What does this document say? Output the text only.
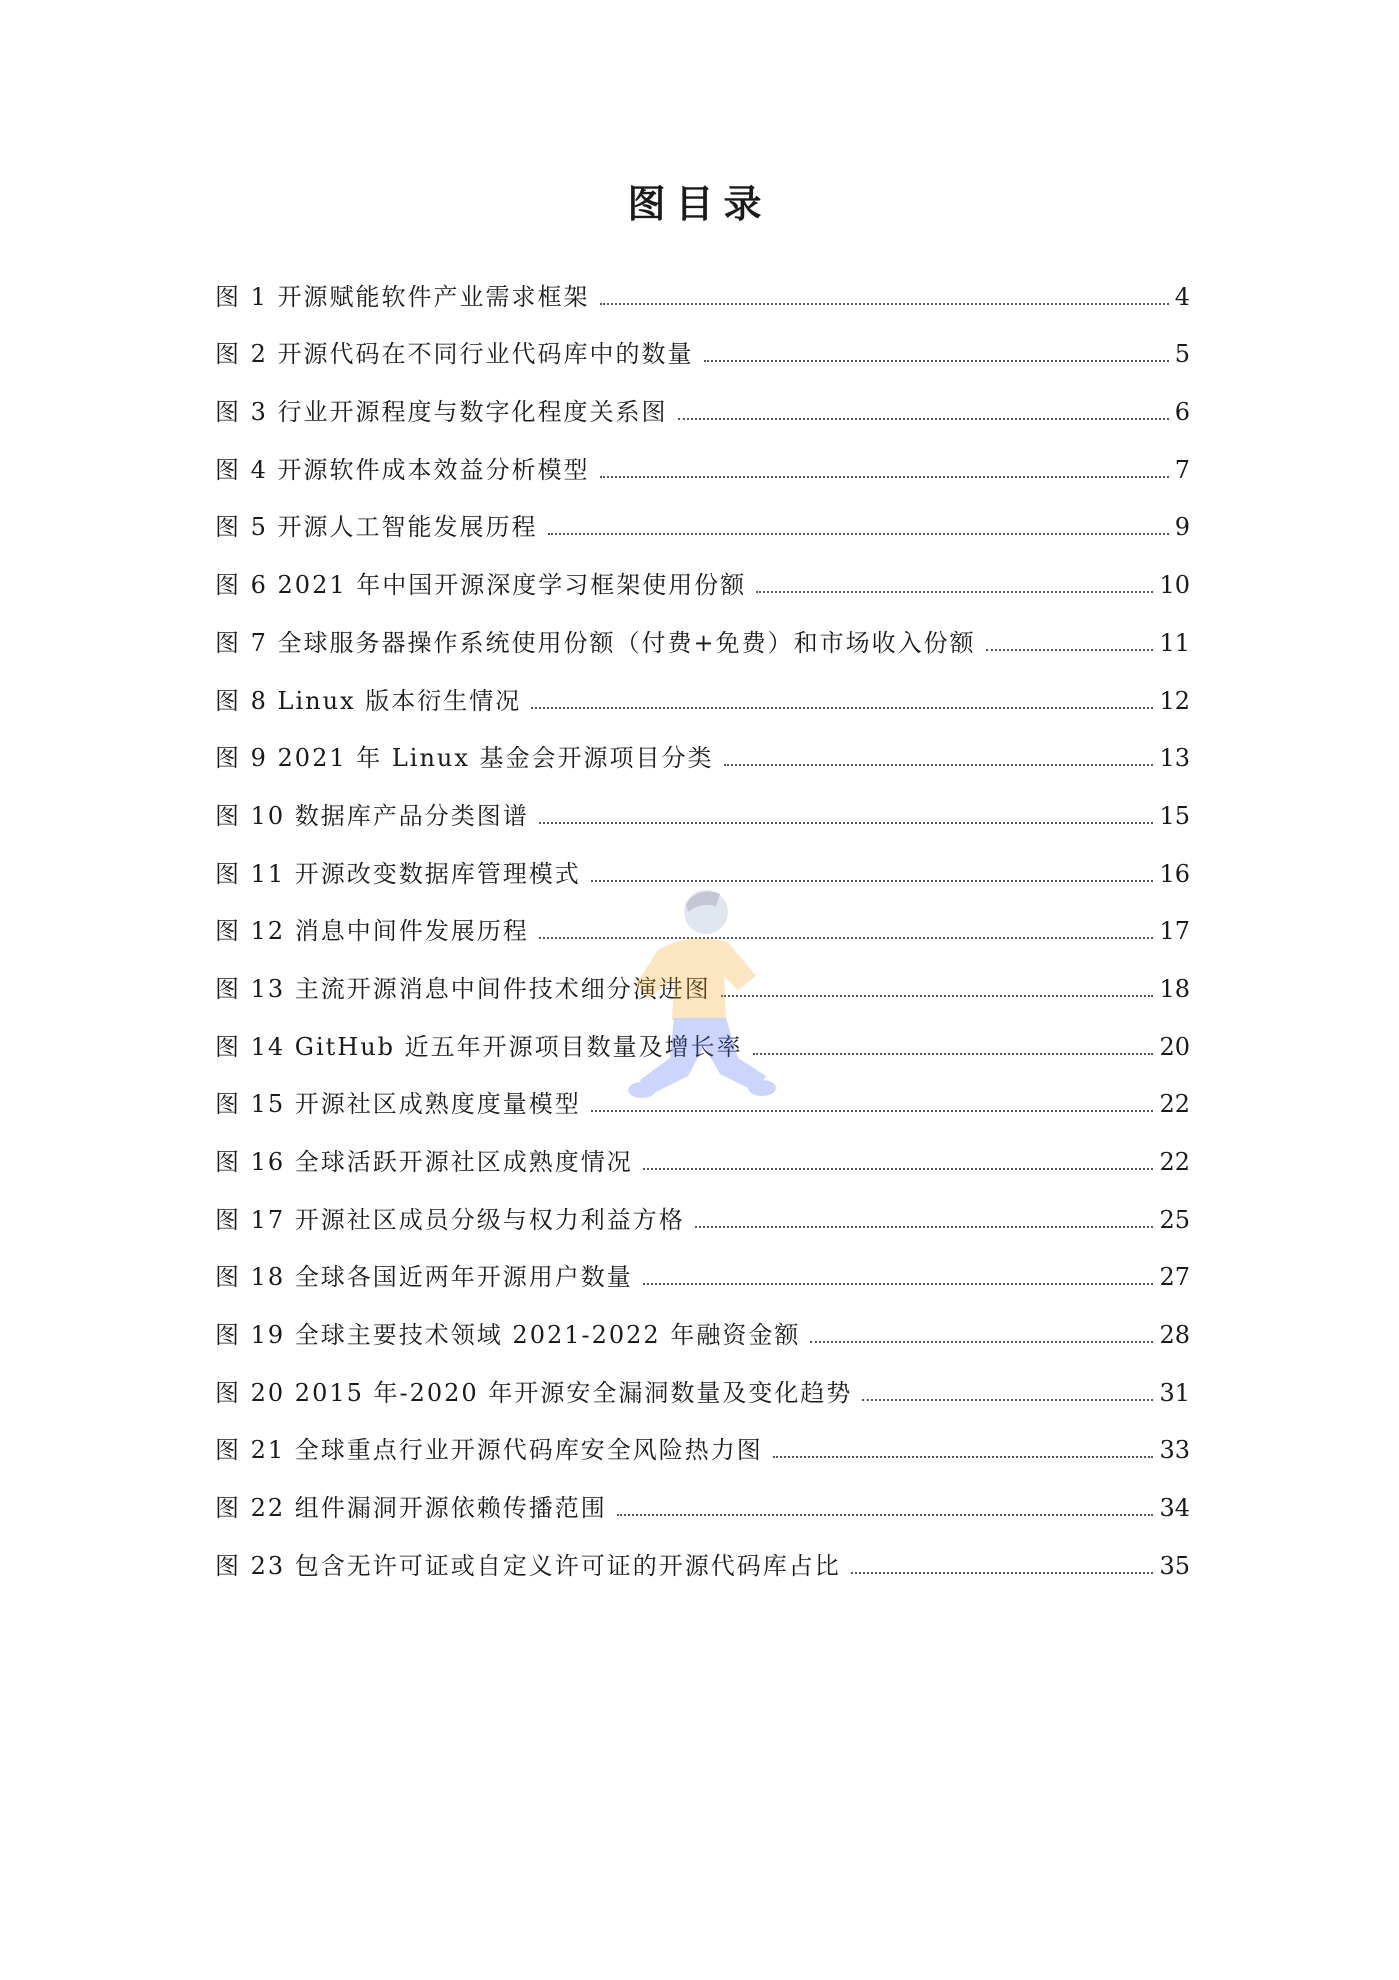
图目录
图 1 开源赋能软件产业需求框架	4
图 2 开源代码在不同行业代码库中的数量	5
图 3 行业开源程度与数字化程度关系图	6
图 4 开源软件成本效益分析模型	7
图 5 开源人工智能发展历程	9
图 6 2021 年中国开源深度学习框架使用份额	10
图 7 全球服务器操作系统使用份额（付费+免费）和市场收入份额	11
图 8 Linux 版本衍生情况	12
图 9 2021 年 Linux 基金会开源项目分类	13
图 10 数据库产品分类图谱	15
图 11 开源改变数据库管理模式	16
图 12 消息中间件发展历程	17
图 13 主流开源消息中间件技术细分演进图	18
图 14 GitHub 近五年开源项目数量及增长率	20
图 15 开源社区成熟度度量模型	22
图 16 全球活跃开源社区成熟度情况	22
图 17 开源社区成员分级与权力利益方格	25
图 18 全球各国近两年开源用户数量	27
图 19 全球主要技术领域 2021-2022 年融资金额	28
图 20 2015 年-2020 年开源安全漏洞数量及变化趋势	31
图 21 全球重点行业开源代码库安全风险热力图	33
图 22 组件漏洞开源依赖传播范围	34
图 23 包含无许可证或自定义许可证的开源代码库占比	35
